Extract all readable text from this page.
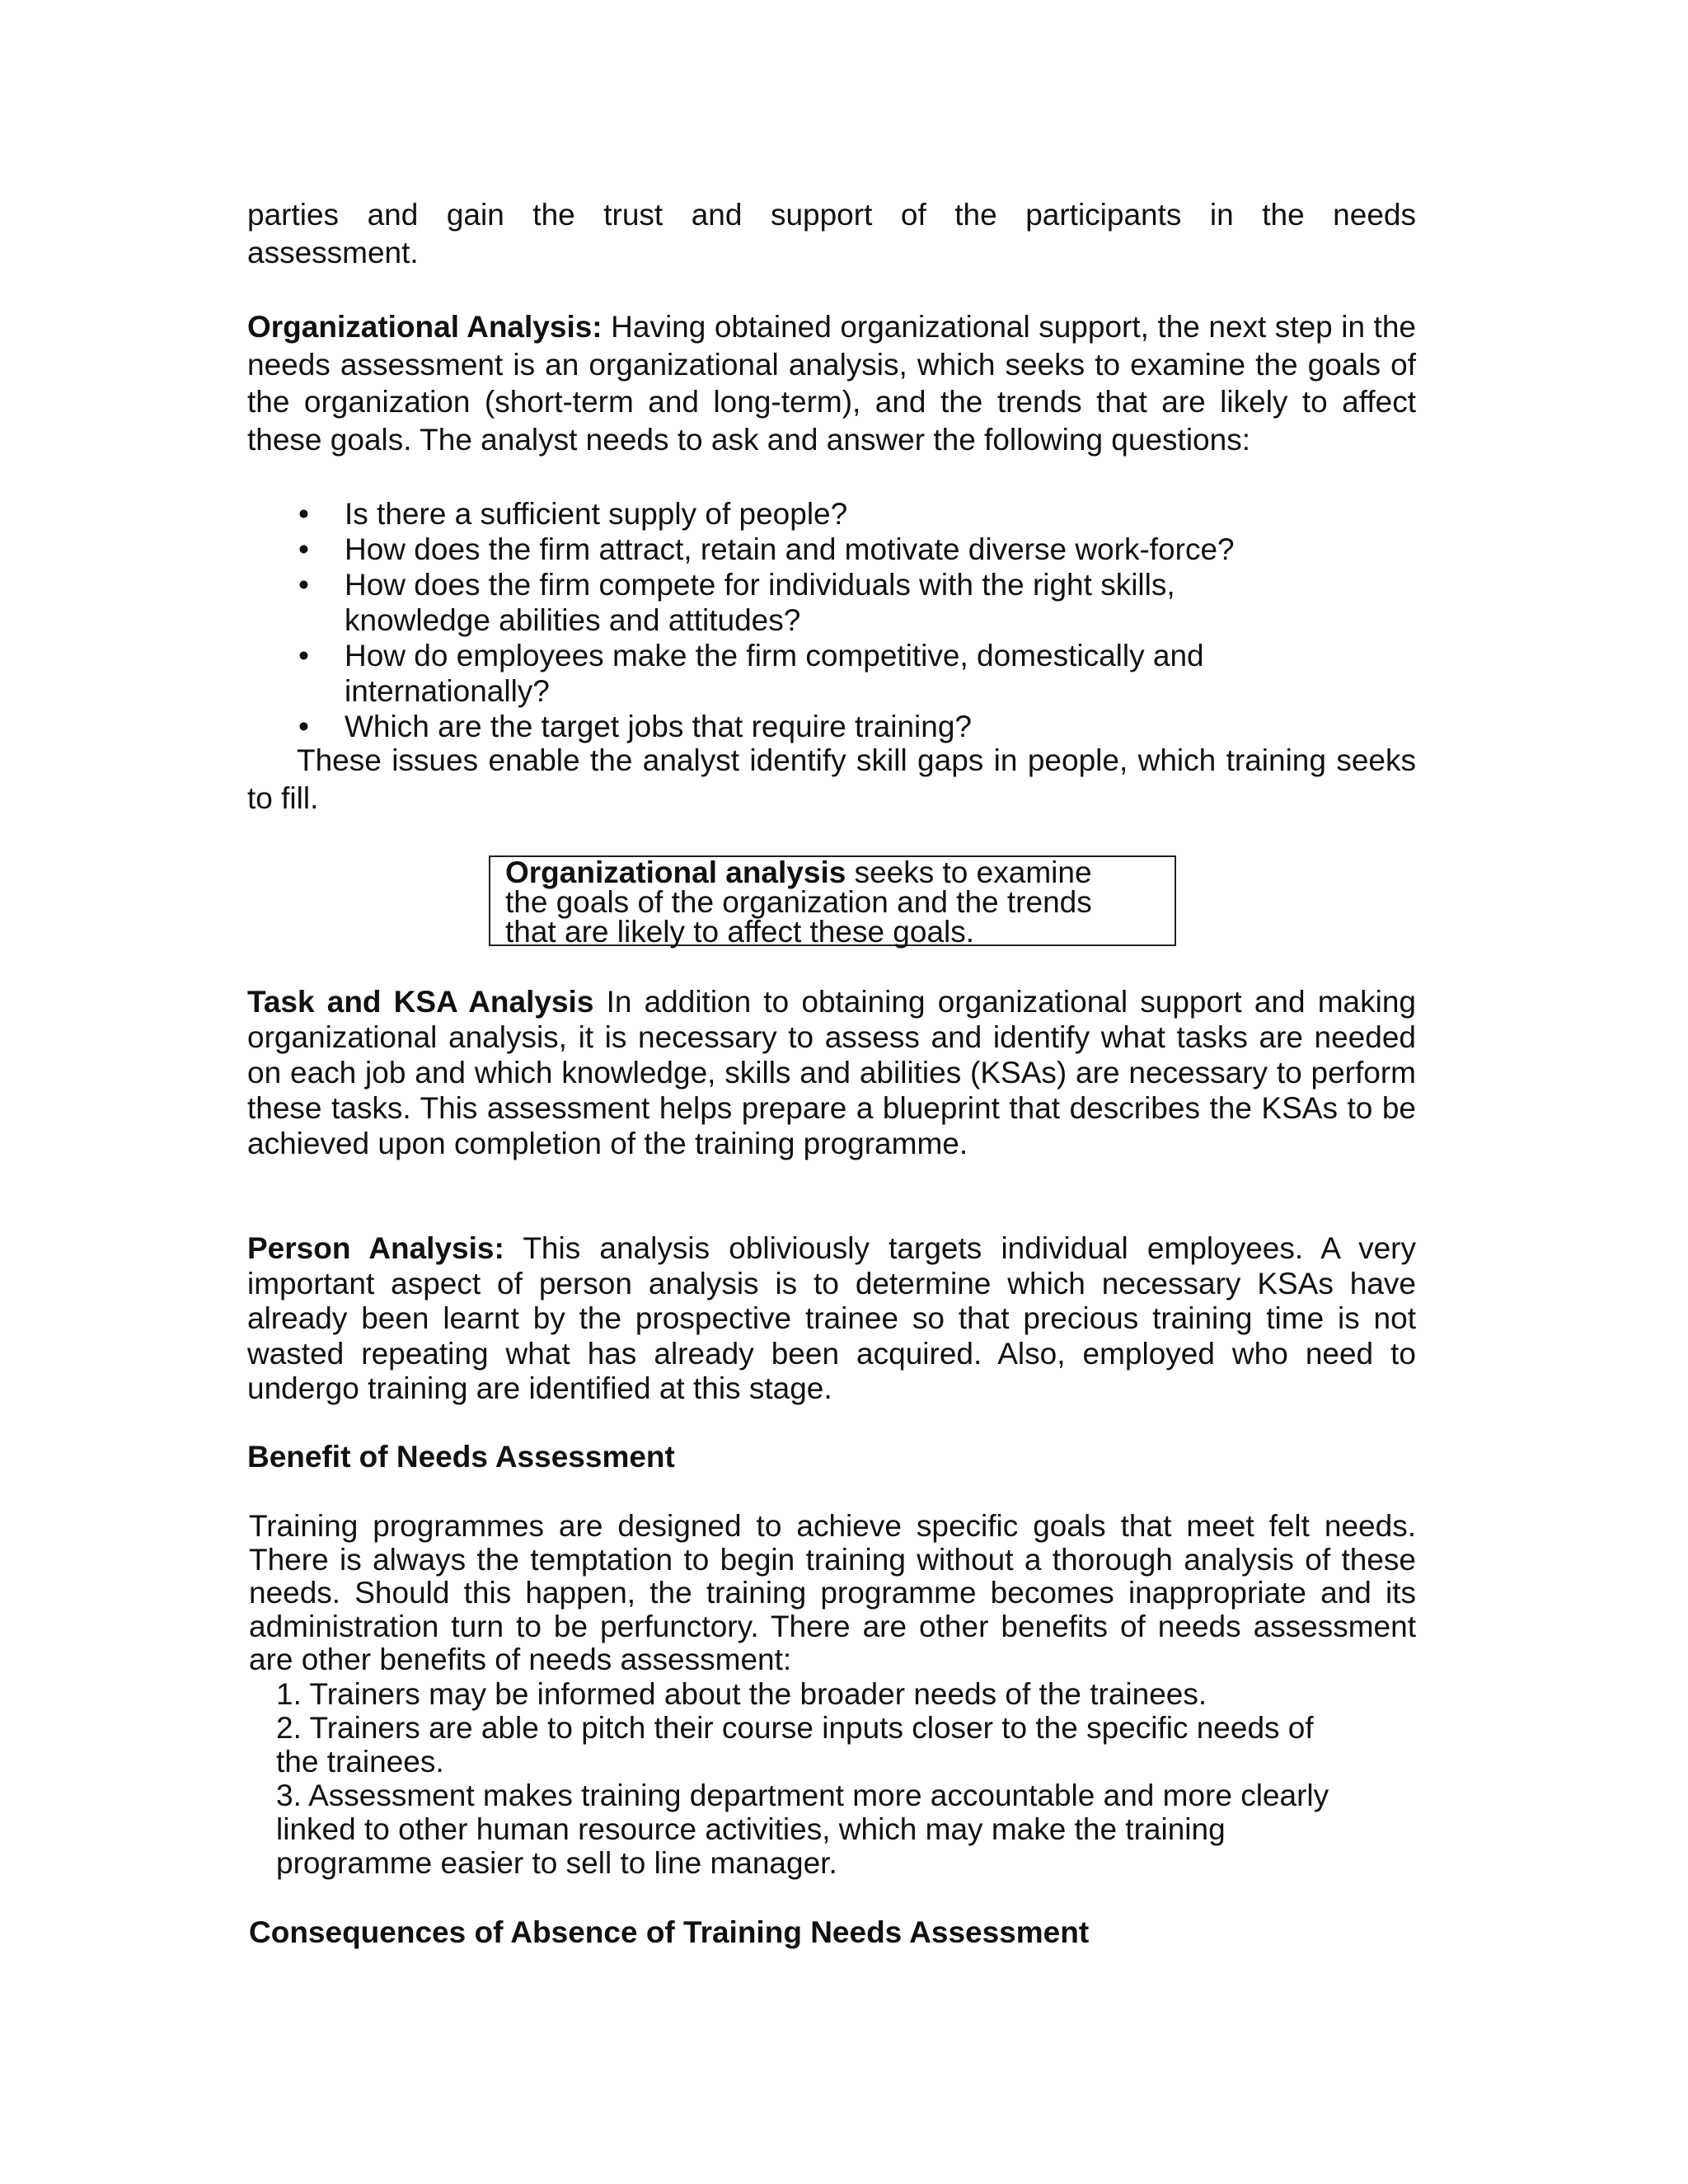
parties and gain the trust and support of the participants in the needs
assessment.
Organizational Analysis: Having obtained organizational support, the next step in the needs assessment is an organizational analysis, which seeks to examine the goals of the organization (short-term and long-term), and the trends that are likely to affect these goals. The analyst needs to ask and answer the following questions:
• Is there a sufficient supply of people?
• How does the firm attract, retain and motivate diverse work-force?
• How does the firm compete for individuals with the right skills,
knowledge abilities and attitudes?
• How do employees make the firm competitive, domestically and
internationally?
• Which are the target jobs that require training?
These issues enable the analyst identify skill gaps in people, which training seeks to fill.
Organizational analysis seeks to examine
the goals of the organization and the trends
that are likely to affect these goals.
Task and KSA Analysis In addition to obtaining organizational support and making organizational analysis, it is necessary to assess and identify what tasks are needed on each job and which knowledge, skills and abilities (KSAs) are necessary to perform these tasks. This assessment helps prepare a blueprint that describes the KSAs to be achieved upon completion of the training programme.
Person Analysis: This analysis obliviously targets individual employees. A very important aspect of person analysis is to determine which necessary KSAs have already been learnt by the prospective trainee so that precious training time is not wasted repeating what has already been acquired. Also, employed who need to undergo training are identified at this stage.
Benefit of Needs Assessment
Training programmes are designed to achieve specific goals that meet felt needs. There is always the temptation to begin training without a thorough analysis of these needs. Should this happen, the training programme becomes inappropriate and its administration turn to be perfunctory. There are other benefits of needs assessment are other benefits of needs assessment:
1. Trainers may be informed about the broader needs of the trainees.
2. Trainers are able to pitch their course inputs closer to the specific needs of
the trainees.
3. Assessment makes training department more accountable and more clearly
linked to other human resource activities, which may make the training
programme easier to sell to line manager.
Consequences of Absence of Training Needs Assessment
